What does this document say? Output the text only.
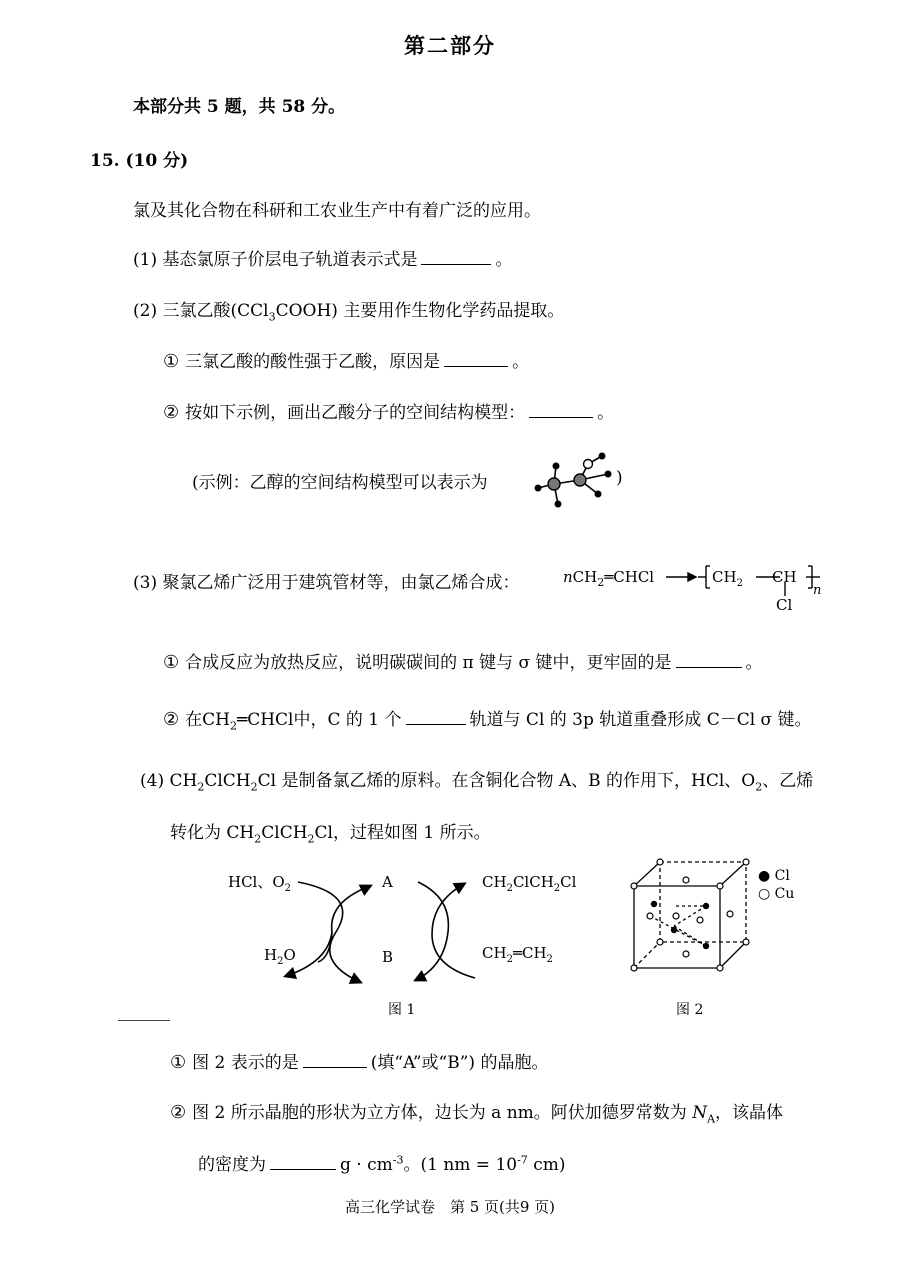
第二部分
本部分共 5 题，共 58 分。
15. (10 分)
氯及其化合物在科研和工农业生产中有着广泛的应用。
(1) 基态氯原子价层电子轨道表示式是	。
(2) 三氯乙酸(CCl$_3$COOH) 主要用作生物化学药品提取。
① 三氯乙酸的酸性强于乙酸，原因是	。
② 按如下示例，画出乙酸分子的空间结构模型：	。
(示例：乙醇的空间结构模型可以表示为	)
(3) 聚氯乙烯广泛用于建筑管材等，由氯乙烯合成：	nCH$_2$═CHCl	$CH_2$ CH
Cl
n
① 合成反应为放热反应，说明碳碳间的 π 键与 σ 键中，更牢固的是	。
② 在$CH_2═CHCl$中，C 的 1 个	轨道与 Cl 的 3p 轨道重叠形成 C－Cl σ 键。
(4) $CH_2ClCH_2Cl$ 是制备氯乙烯的原料。在含铜化合物 A、B 的作用下，HCl、$O_2$、乙烯
转化为 $CH_2ClCH_2Cl$，过程如图 1 所示。
HCl、$O_2$	A
B
$H_2O$
$CH_2ClCH_2Cl$
$CH_2═CH_2$
图 1
● Cl
○ Cu
图 2
① 图 2 表示的是	(填“A”或“B”) 的晶胞。
② 图 2 所示晶胞的形状为立方体，边长为 a nm。阿伏加德罗常数为 $N_A$，该晶体
的密度为	$g \cdot cm^{-3}$。(1 nm = $10^{-7}$ cm)
高三化学试卷　第 5 页(共9 页)
